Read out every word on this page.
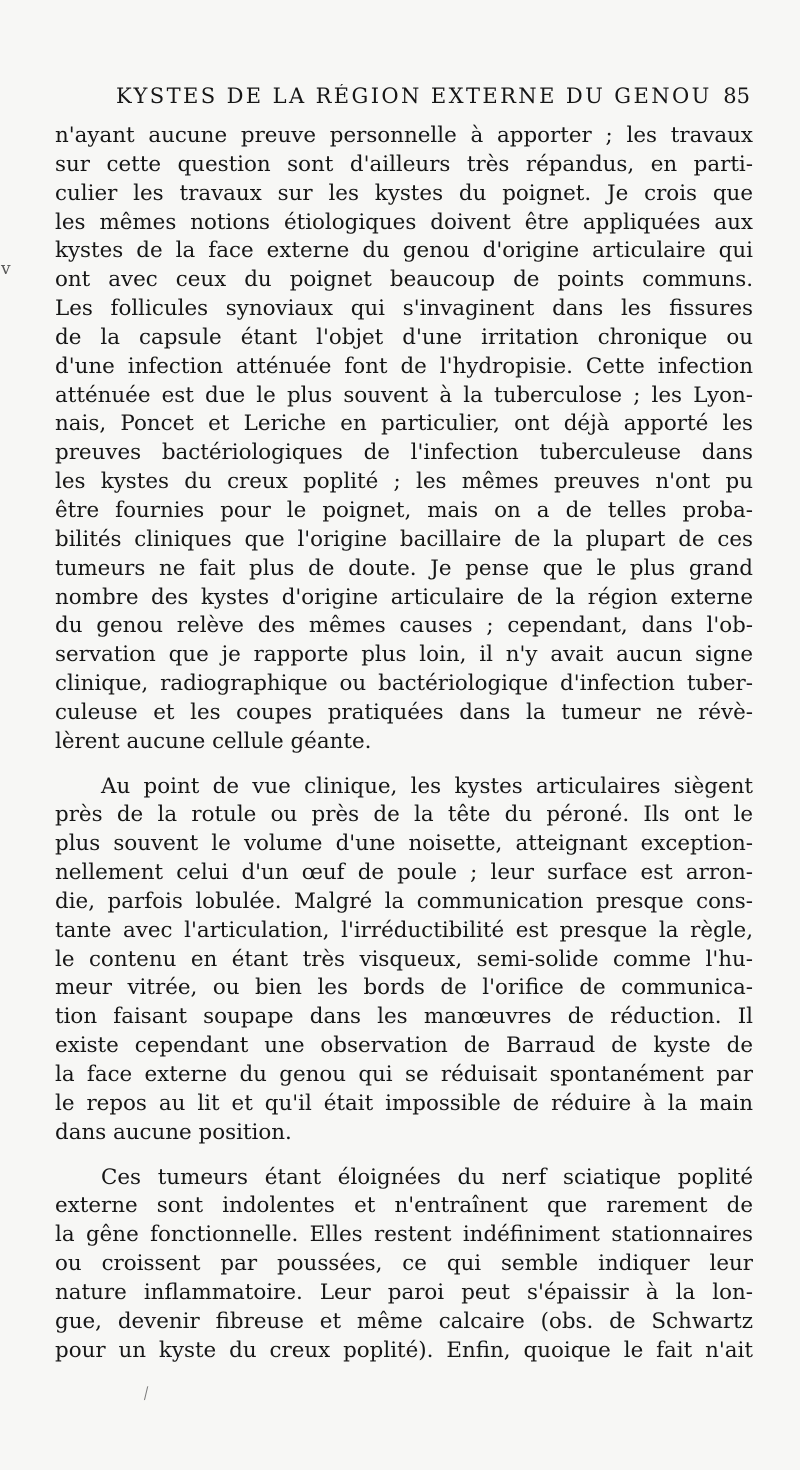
KYSTES DE LA RÉGION EXTERNE DU GENOU 85

n'ayant aucune preuve personnelle à apporter ; les travaux
sur cette question sont d'ailleurs très répandus, en parti-
culier les travaux sur les kystes du poignet. Je crois que
les mêmes notions étiologiques doivent être appliquées aux
kystes de la face externe du genou d'origine articulaire qui
ont avec ceux du poignet beaucoup de points communs.
Les follicules synoviaux qui s'invaginent dans les fissures
de la capsule étant l'objet d'une irritation chronique ou
d'une infection atténuée font de l'hydropisie. Cette infection
atténuée est due le plus souvent à la tuberculose ; les Lyon-
nais, Poncet et Leriche en particulier, ont déjà apporté les
preuves bactériologiques de l'infection tuberculeuse dans
les kystes du creux poplité ; les mêmes preuves n'ont pu
être fournies pour le poignet, mais on a de telles proba-
bilités cliniques que l'origine bacillaire de la plupart de ces
tumeurs ne fait plus de doute. Je pense que le plus grand
nombre des kystes d'origine articulaire de la région externe
du genou relève des mêmes causes ; cependant, dans l'ob-
servation que je rapporte plus loin, il n'y avait aucun signe
clinique, radiographique ou bactériologique d'infection tuber-
culeuse et les coupes pratiquées dans la tumeur ne révè-
lèrent aucune cellule géante.

Au point de vue clinique, les kystes articulaires siègent
près de la rotule ou près de la tête du péroné. Ils ont le
plus souvent le volume d'une noisette, atteignant exception-
nellement celui d'un œuf de poule ; leur surface est arron-
die, parfois lobulée. Malgré la communication presque cons-
tante avec l'articulation, l'irréductibilité est presque la règle,
le contenu en étant très visqueux, semi-solide comme l'hu-
meur vitrée, ou bien les bords de l'orifice de communica-
tion faisant soupape dans les manœuvres de réduction. Il
existe cependant une observation de Barraud de kyste de
la face externe du genou qui se réduisait spontanément par
le repos au lit et qu'il était impossible de réduire à la main
dans aucune position.

Ces tumeurs étant éloignées du nerf sciatique poplité
externe sont indolentes et n'entraînent que rarement de
la gêne fonctionnelle. Elles restent indéfiniment stationnaires
ou croissent par poussées, ce qui semble indiquer leur
nature inflammatoire. Leur paroi peut s'épaissir à la lon-
gue, devenir fibreuse et même calcaire (obs. de Schwartz
pour un kyste du creux poplité). Enfin, quoique le fait n'ait

v
⁄
